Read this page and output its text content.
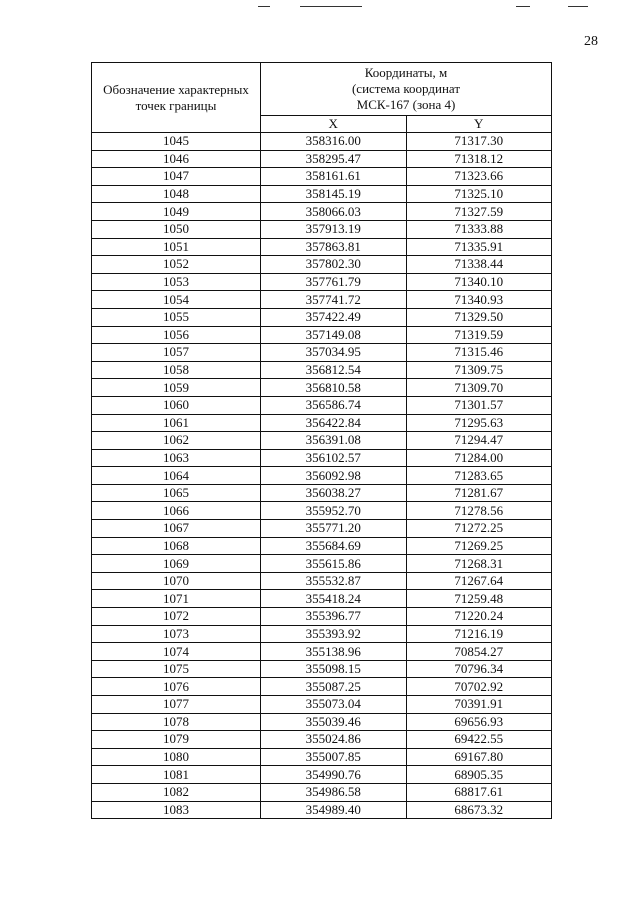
28
Обозначение характерных точек границы	Координаты, м
(система координат
МСК-167 (зона 4)	
	X	Y
1045	358316.00	71317.30
1046	358295.47	71318.12
1047	358161.61	71323.66
1048	358145.19	71325.10
1049	358066.03	71327.59
1050	357913.19	71333.88
1051	357863.81	71335.91
1052	357802.30	71338.44
1053	357761.79	71340.10
1054	357741.72	71340.93
1055	357422.49	71329.50
1056	357149.08	71319.59
1057	357034.95	71315.46
1058	356812.54	71309.75
1059	356810.58	71309.70
1060	356586.74	71301.57
1061	356422.84	71295.63
1062	356391.08	71294.47
1063	356102.57	71284.00
1064	356092.98	71283.65
1065	356038.27	71281.67
1066	355952.70	71278.56
1067	355771.20	71272.25
1068	355684.69	71269.25
1069	355615.86	71268.31
1070	355532.87	71267.64
1071	355418.24	71259.48
1072	355396.77	71220.24
1073	355393.92	71216.19
1074	355138.96	70854.27
1075	355098.15	70796.34
1076	355087.25	70702.92
1077	355073.04	70391.91
1078	355039.46	69656.93
1079	355024.86	69422.55
1080	355007.85	69167.80
1081	354990.76	68905.35
1082	354986.58	68817.61
1083	354989.40	68673.32
